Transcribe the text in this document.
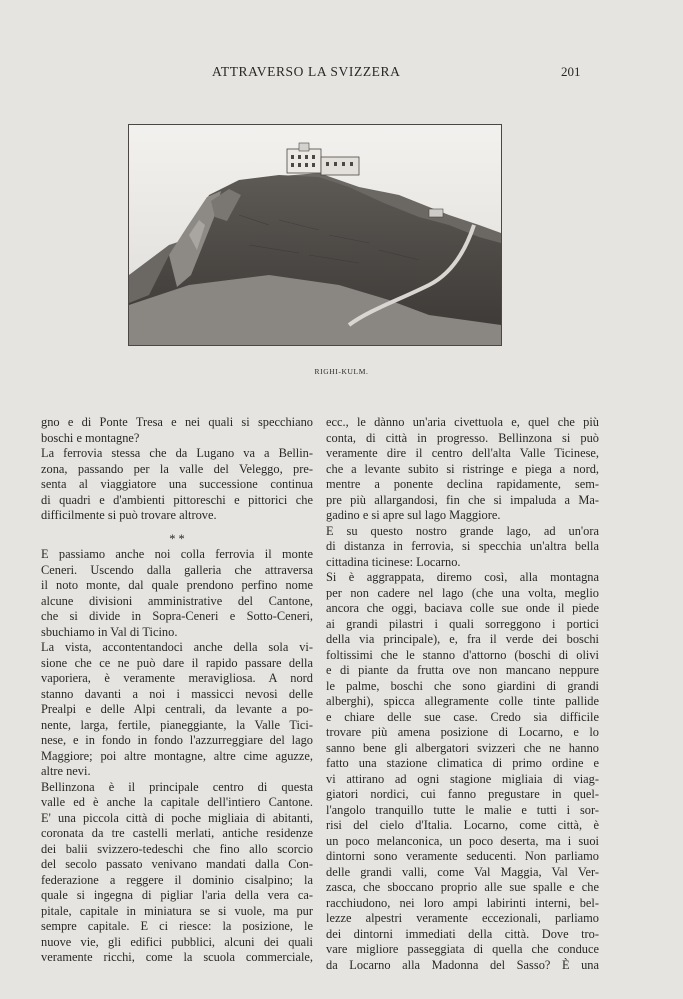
ATTRAVERSO LA SVIZZERA	201
RIGHI-KULM.
gno e di Ponte Tresa e nei quali si specchiano
boschi e montagne?
La ferrovia stessa che da Lugano va a Bellin-
zona, passando per la valle del Veleggo, pre-
senta al viaggiatore una successione continua
di quadri e d'ambienti pittoreschi e pittorici che
difficilmente si può trovare altrove.
* *
E passiamo anche noi colla ferrovia il monte
Ceneri. Uscendo dalla galleria che attraversa
il noto monte, dal quale prendono perfino nome
alcune divisioni amministrative del Cantone,
che si divide in Sopra-Ceneri e Sotto-Ceneri,
sbuchiamo in Val di Ticino.
La vista, accontentandoci anche della sola vi-
sione che ce ne può dare il rapido passare della
vaporiera, è veramente meravigliosa. A nord
stanno davanti a noi i massicci nevosi delle
Prealpi e delle Alpi centrali, da levante a po-
nente, larga, fertile, pianeggiante, la Valle Tici-
nese, e in fondo in fondo l'azzurreggiare del lago
Maggiore; poi altre montagne, altre cime aguzze,
altre nevi.
Bellinzona è il principale centro di questa
valle ed è anche la capitale dell'intiero Cantone.
E' una piccola città di poche migliaia di abitanti,
coronata da tre castelli merlati, antiche residenze
dei balii svizzero-tedeschi che fino allo scorcio
del secolo passato venivano mandati dalla Con-
federazione a reggere il dominio cisalpino; la
quale si ingegna di pigliar l'aria della vera ca-
pitale, capitale in miniatura se si vuole, ma pur
sempre capitale. E ci riesce: la posizione, le
nuove vie, gli edifici pubblici, alcuni dei quali
veramente ricchi, come la scuola commerciale,
ecc., le dànno un'aria civettuola e, quel che più
conta, di città in progresso. Bellinzona si può
veramente dire il centro dell'alta Valle Ticinese,
che a levante subito si ristringe e piega a nord,
mentre a ponente declina rapidamente, sem-
pre più allargandosi, fin che si impaluda a Ma-
gadino e si apre sul lago Maggiore.
E su questo nostro grande lago, ad un'ora
di distanza in ferrovia, si specchia un'altra bella
cittadina ticinese: Locarno.
Si è aggrappata, diremo così, alla montagna
per non cadere nel lago (che una volta, meglio
ancora che oggi, baciava colle sue onde il piede
ai grandi pilastri i quali sorreggono i portici
della via principale), e, fra il verde dei boschi
foltissimi che le stanno d'attorno (boschi di olivi
e di piante da frutta ove non mancano neppure
le palme, boschi che sono giardini di grandi
alberghi), spicca allegramente colle tinte pallide
e chiare delle sue case. Credo sia difficile
trovare più amena posizione di Locarno, e lo
sanno bene gli albergatori svizzeri che ne hanno
fatto una stazione climatica di primo ordine e
vi attirano ad ogni stagione migliaia di viag-
giatori nordici, cui fanno pregustare in quel-
l'angolo tranquillo tutte le malie e tutti i sor-
risi del cielo d'Italia. Locarno, come città, è
un poco melanconica, un poco deserta, ma i suoi
dintorni sono veramente seducenti. Non parliamo
delle grandi valli, come Val Maggia, Val Ver-
zasca, che sboccano proprio alle sue spalle e che
racchiudono, nei loro ampi labirinti interni, bel-
lezze alpestri veramente eccezionali, parliamo
dei dintorni immediati della città. Dove tro-
vare migliore passeggiata di quella che conduce
da Locarno alla Madonna del Sasso? È una
